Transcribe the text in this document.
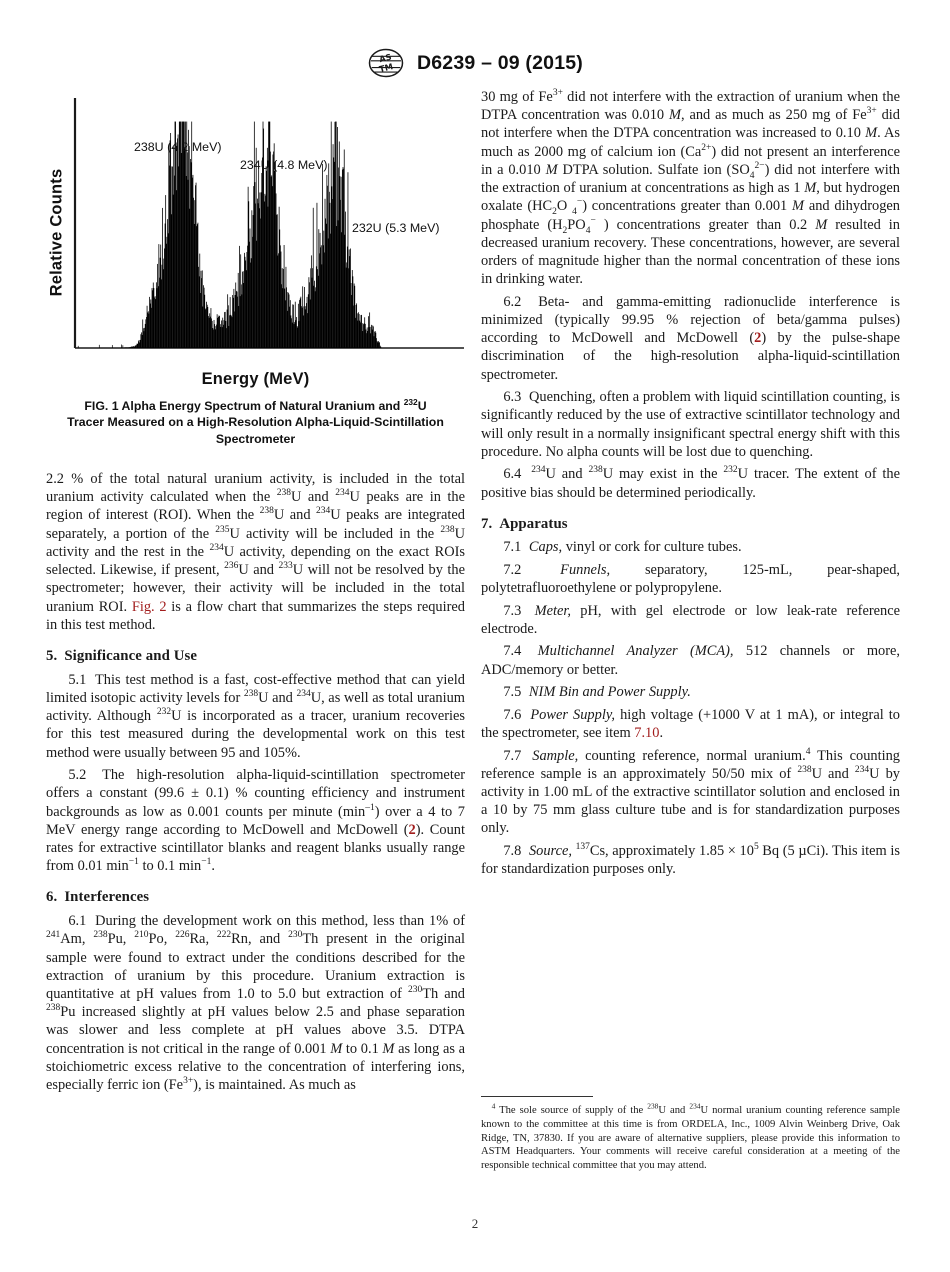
AS
TM D6239 – 09 (2015)
Relative Counts
238U (4.2 MeV)
234U (4.8 MeV)
232U (5.3 MeV)
Energy (MeV)
FIG. 1 Alpha Energy Spectrum of Natural Uranium and $^{232}$U
Tracer Measured on a High-Resolution Alpha-Liquid-Scintillation
Spectrometer

2.2 % of the total natural uranium activity, is included in the total uranium activity calculated when the $^{238}$U and $^{234}$U peaks are in the region of interest (ROI). When the $^{238}$U and $^{234}$U peaks are integrated separately, a portion of the $^{235}$U activity will be included in the $^{238}$U activity and the rest in the $^{234}$U activity, depending on the exact ROIs selected. Likewise, if present, $^{236}$U and $^{233}$U will not be resolved by the spectrometer; however, their activity will be included in the total uranium ROI. Fig. 2 is a flow chart that summarizes the steps required in this test method.

5. Significance and Use

5.1 This test method is a fast, cost-effective method that can yield limited isotopic activity levels for $^{238}$U and $^{234}$U, as well as total uranium activity. Although $^{232}$U is incorporated as a tracer, uranium recoveries for this test measured during the developmental work on this test method were usually between 95 and 105%.

5.2 The high-resolution alpha-liquid-scintillation spectrometer offers a constant (99.6 ± 0.1) % counting efficiency and instrument backgrounds as low as 0.001 counts per minute $(\min^{-1})$ over a 4 to 7 MeV energy range according to McDowell and McDowell (2). Count rates for extractive scintillator blanks and reagent blanks usually range from 0.01 $\min^{-1}$ to 0.1 $\min^{-1}$.

6. Interferences

6.1 During the development work on this method, less than 1% of $^{241}$Am, $^{238}$Pu, $^{210}$Po, $^{226}$Ra, $^{222}$Rn, and $^{230}$Th present in the original sample were found to extract under the conditions described for the extraction of uranium by this procedure. Uranium extraction is quantitative at pH values from 1.0 to 5.0 but extraction of $^{230}$Th and $^{238}$Pu increased slightly at pH values below 2.5 and phase separation was slower and less complete at pH values above 3.5. DTPA concentration is not critical in the range of 0.001 M to 0.1 M as long as a stoichiometric excess relative to the concentration of interfering ions, especially ferric ion $(Fe^{3+})$, is maintained. As much as

30 mg of $Fe^{3+}$ did not interfere with the extraction of uranium when the DTPA concentration was 0.010 M, and as much as 250 mg of $Fe^{3+}$ did not interfere when the DTPA concentration was increased to 0.10 M. As much as 2000 mg of calcium ion $(Ca^{2+})$ did not present an interference in a 0.010 M DTPA solution. Sulfate ion $(SO_4^{2-})$ did not interfere with the extraction of uranium at concentrations as high as 1 M, but hydrogen oxalate ($HC_2O$ $_4$−) concentrations greater than 0.001 M and dihydrogen phosphate ($H_2PO_4^-$ ) concentrations greater than 0.2 M resulted in decreased uranium recovery. These concentrations, however, are several orders of magnitude higher than the normal concentration of these ions in drinking water.

6.2 Beta- and gamma-emitting radionuclide interference is minimized (typically 99.95 % rejection of beta/gamma pulses) according to McDowell and McDowell (2) by the pulse-shape discrimination of the high-resolution alpha-liquid-scintillation spectrometer.

6.3 Quenching, often a problem with liquid scintillation counting, is significantly reduced by the use of extractive scintillator technology and will only result in a normally insignificant spectral energy shift with this procedure. No alpha counts will be lost due to quenching.

6.4 $^{234}$U and $^{238}$U may exist in the $^{232}$U tracer. The extent of the positive bias should be determined periodically.

7. Apparatus

7.1 Caps, vinyl or cork for culture tubes.

7.2	Funnels, separatory, 125-mL, pear-shaped, polytetrafluoroethylene or polypropylene.

7.3 Meter, pH, with gel electrode or low leak-rate reference electrode.

7.4 Multichannel Analyzer (MCA), 512 channels or more, ADC/memory or better.

7.5 NIM Bin and Power Supply.

7.6 Power Supply, high voltage (+1000 V at 1 mA), or integral to the spectrometer, see item 7.10.

7.7 Sample, counting reference, normal uranium.$^4$ This counting reference sample is an approximately 50/50 mix of $^{238}$U and $^{234}$U by activity in 1.00 mL of the extractive scintillator solution and enclosed in a 10 by 75 mm glass culture tube and is for standardization purposes only.

7.8 Source, $^{137}$Cs, approximately $1.85 \times 10^5$ Bq (5 µCi). This item is for standardization purposes only.

$^4$ The sole source of supply of the $^{238}$U and $^{234}$U normal uranium counting reference sample known to the committee at this time is from ORDELA, Inc., 1009 Alvin Weinberg Drive, Oak Ridge, TN, 37830. If you are aware of alternative suppliers, please provide this information to ASTM Headquarters. Your comments will receive careful consideration at a meeting of the responsible technical committee that you may attend.

2
